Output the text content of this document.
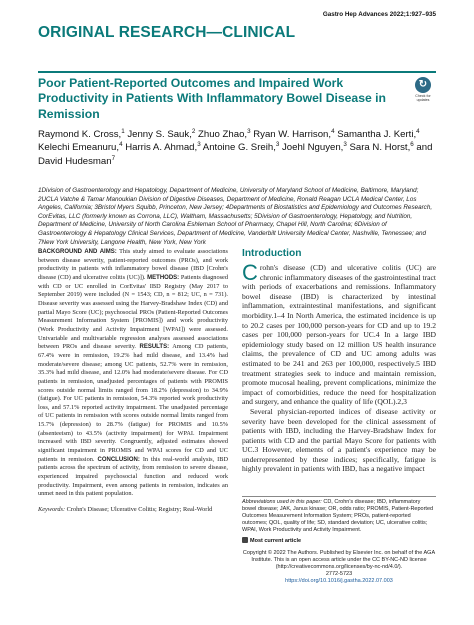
Gastro Hep Advances 2022;1:927–935
ORIGINAL RESEARCH—CLINICAL
Poor Patient-Reported Outcomes and Impaired Work Productivity in Patients With Inflammatory Bowel Disease in Remission
↻
Check for updates
Raymond K. Cross,$^1$ Jenny S. Sauk,$^2$ Zhuo Zhao,$^3$ Ryan W. Harrison,$^4$ Samantha J. Kerti,$^4$ Kelechi Emeanuru,$^4$ Harris A. Ahmad,$^3$ Antoine G. Sreih,$^3$ Joehl Nguyen,$^3$ Sara N. Horst,$^6$ and David Hudesman$^7$
1Division of Gastroenterology and Hepatology, Department of Medicine, University of Maryland School of Medicine, Baltimore, Maryland; 2UCLA Vatche & Tamar Manoukian Division of Digestive Diseases, Department of Medicine, Ronald Reagan UCLA Medical Center, Los Angeles, California; 3Bristol Myers Squibb, Princeton, New Jersey; 4Departments of Biostatistics and Epidemiology and Outcomes Research, CorEvitas, LLC (formerly known as Corrona, LLC), Waltham, Massachusetts; 5Division of Gastroenterology, Hepatology, and Nutrition, Department of Medicine, University of North Carolina Eshleman School of Pharmacy, Chapel Hill, North Carolina; 6Division of Gastroenterology & Hepatology Clinical Services, Department of Medicine, Vanderbilt University Medical Center, Nashville, Tennessee; and 7New York University, Langone Health, New York, New York

BACKGROUND AND AIMS: This study aimed to evaluate associations between disease severity, patient-reported outcomes (PROs), and work productivity in patients with inflammatory bowel disease (IBD [Crohn's disease (CD) and ulcerative colitis (UC)]). METHODS: Patients diagnosed with CD or UC enrolled in CorEvitas' IBD Registry (May 2017 to September 2019) were included (N = 1543; CD, n = 812; UC, n = 731). Disease severity was assessed using the Harvey-Bradshaw Index (CD) and partial Mayo Score (UC); psychosocial PROs (Patient-Reported Outcomes Measurement Information System [PROMIS]) and work productivity (Work Productivity and Activity Impairment [WPAI]) were assessed. Univariable and multivariable regression analyses assessed associations between PROs and disease severity. RESULTS: Among CD patients, 67.4% were in remission, 19.2% had mild disease, and 13.4% had moderate/severe disease; among UC patients, 52.7% were in remission, 35.3% had mild disease, and 12.0% had moderate/severe disease. For CD patients in remission, unadjusted percentages of patients with PROMIS scores outside normal limits ranged from 18.2% (depression) to 34.9% (fatigue). For UC patients in remission, 54.3% reported work productivity loss, and 57.1% reported activity impairment. The unadjusted percentage of UC patients in remission with scores outside normal limits ranged from 15.7% (depression) to 28.7% (fatigue) for PROMIS and 10.5% (absenteeism) to 43.5% (activity impairment) for WPAI. Impairment increased with IBD severity. Congruently, adjusted estimates showed significant impairment in PROMIS and WPAI scores for CD and UC patients in remission. CONCLUSION: In this real-world analysis, IBD patients across the spectrum of activity, from remission to severe disease, experienced impaired psychosocial function and reduced work productivity. Impairment, even among patients in remission, indicates an unmet need in this patient population.

Keywords: Crohn's Disease; Ulcerative Colitis; Registry; Real-World

Introduction

Crohn's disease (CD) and ulcerative colitis (UC) are chronic inflammatory diseases of the gastrointestinal tract with periods of exacerbations and remissions. Inflammatory bowel disease (IBD) is characterized by intestinal inflammation, extraintestinal manifestations, and significant morbidity.1–4 In North America, the estimated incidence is up to 20.2 cases per 100,000 person-years for CD and up to 19.2 cases per 100,000 person-years for UC.4 In a large IBD epidemiology study based on 12 million US health insurance claims, the prevalence of CD and UC among adults was estimated to be 241 and 263 per 100,000, respectively.5 IBD treatment strategies seek to induce and maintain remission, promote mucosal healing, prevent complications, minimize the impact of comorbidities, reduce the need for hospitalization and surgery, and enhance the quality of life (QOL).2,3

Several physician-reported indices of disease activity or severity have been developed for the clinical assessment of patients with IBD, including the Harvey-Bradshaw Index for patients with CD and the partial Mayo Score for patients with UC.3 However, elements of a patient's experience may be underrepresented by these indices; specifically, fatigue is highly prevalent in patients with IBD, has a negative impact

Abbreviations used in this paper: CD, Crohn's disease; IBD, inflammatory bowel disease; JAK, Janus kinase; OR, odds ratio; PROMIS, Patient-Reported Outcomes Measurement Information System; PROs, patient-reported outcomes; QOL, quality of life; SD, standard deviation; UC, ulcerative colitis; WPAI, Work Productivity and Activity Impairment.
Most current article
Copyright © 2022 The Authors. Published by Elsevier Inc. on behalf of the AGA Institute. This is an open access article under the CC BY-NC-ND license (http://creativecommons.org/licenses/by-nc-nd/4.0/).
2772-5723
https://doi.org/10.1016/j.gastha.2022.07.003
